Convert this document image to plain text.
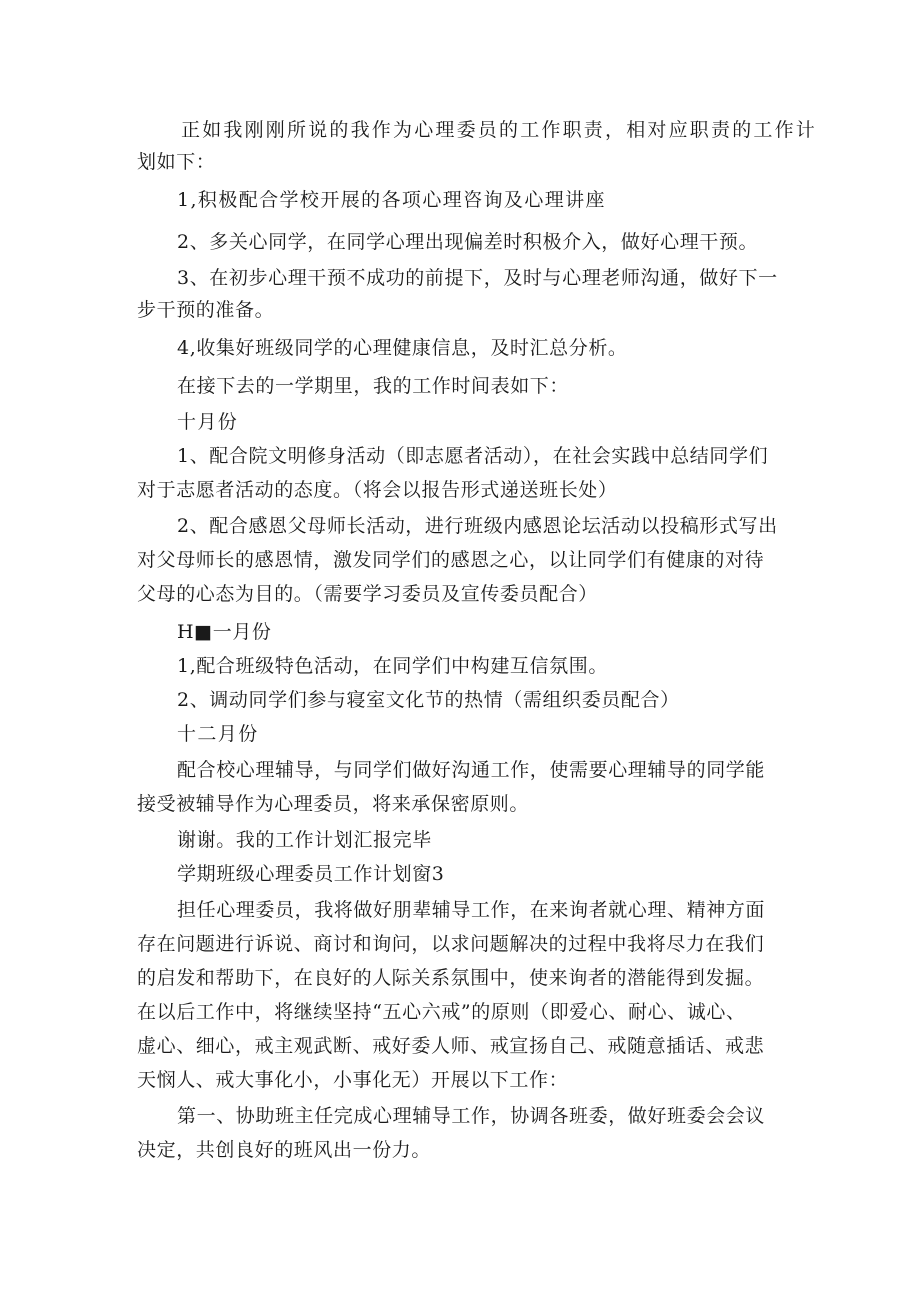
正如我刚刚所说的我作为心理委员的工作职责，相对应职责的工作计
划如下：
1,积极配合学校开展的各项心理咨询及心理讲座
2、多关心同学，在同学心理出现偏差时积极介入，做好心理干预。
3、在初步心理干预不成功的前提下，及时与心理老师沟通，做好下一
步干预的准备。
4,收集好班级同学的心理健康信息，及时汇总分析。
在接下去的一学期里，我的工作时间表如下：
十月份
1、配合院文明修身活动（即志愿者活动），在社会实践中总结同学们
对于志愿者活动的态度。（将会以报告形式递送班长处）
2、配合感恩父母师长活动，进行班级内感恩论坛活动以投稿形式写出
对父母师长的感恩情，激发同学们的感恩之心，以让同学们有健康的对待
父母的心态为目的。（需要学习委员及宣传委员配合）
H■一月份
1,配合班级特色活动，在同学们中构建互信氛围。
2、调动同学们参与寝室文化节的热情（需组织委员配合）
十二月份
配合校心理辅导，与同学们做好沟通工作，使需要心理辅导的同学能
接受被辅导作为心理委员，将来承保密原则。
谢谢。我的工作计划汇报完毕
学期班级心理委员工作计划窗3
担任心理委员，我将做好朋辈辅导工作，在来询者就心理、精神方面
存在问题进行诉说、商讨和询问，以求问题解决的过程中我将尽力在我们
的启发和帮助下，在良好的人际关系氛围中，使来询者的潜能得到发掘。
在以后工作中，将继续坚持“五心六戒”的原则（即爱心、耐心、诚心、
虚心、细心，戒主观武断、戒好委人师、戒宣扬自己、戒随意插话、戒悲
天悯人、戒大事化小，小事化无）开展以下工作：
第一、协助班主任完成心理辅导工作，协调各班委，做好班委会会议
决定，共创良好的班风出一份力。
